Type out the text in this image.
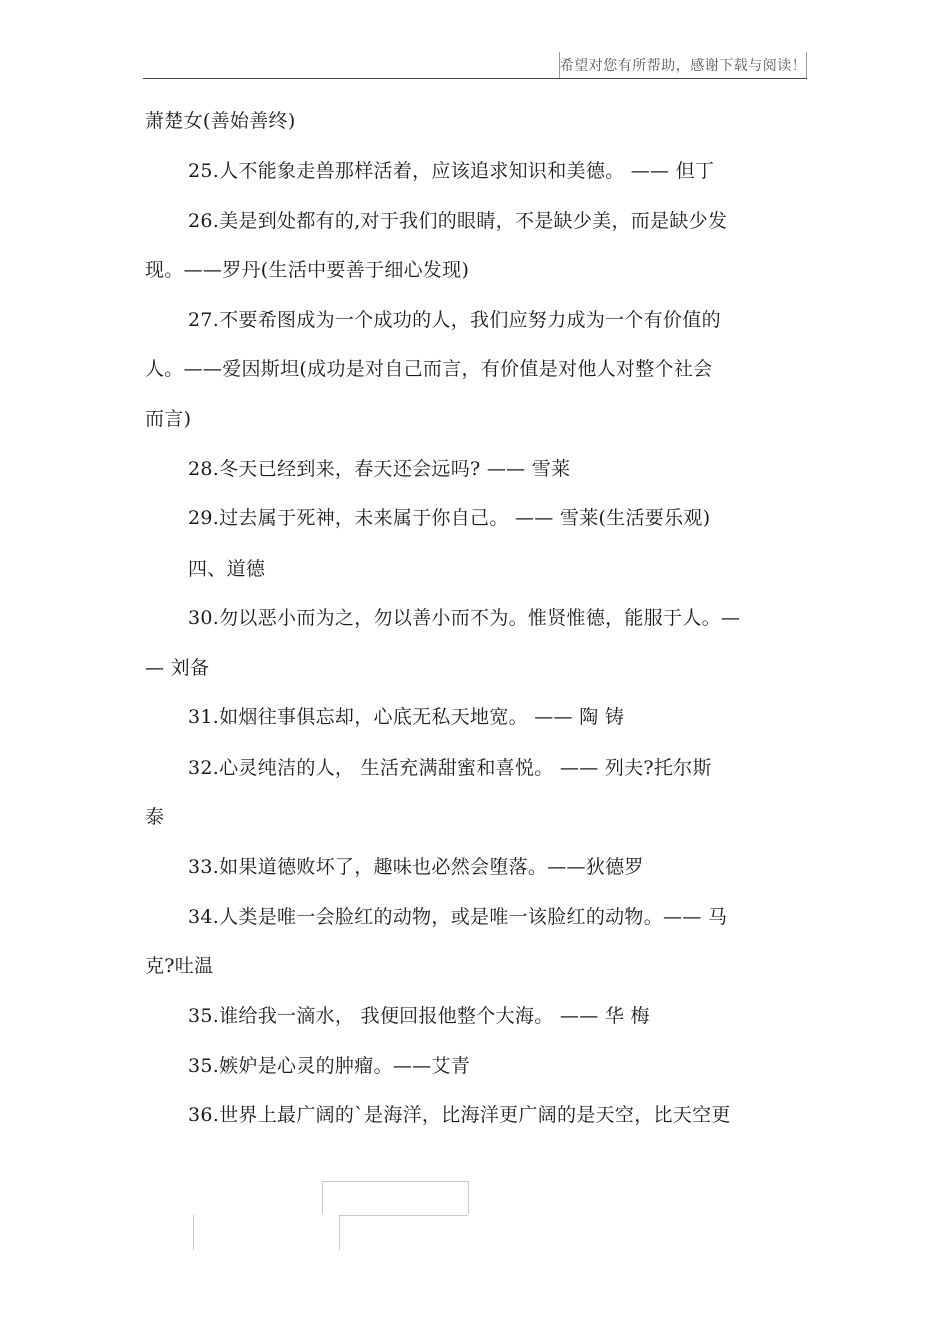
希望对您有所帮助，感谢下载与阅读！
萧楚女(善始善终)
25.人不能象走兽那样活着，应该追求知识和美德。 —— 但丁
26.美是到处都有的,对于我们的眼睛，不是缺少美，而是缺少发
现。——罗丹(生活中要善于细心发现)
27.不要希图成为一个成功的人，我们应努力成为一个有价值的
人。——爱因斯坦(成功是对自己而言，有价值是对他人对整个社会
而言)
28.冬天已经到来，春天还会远吗? —— 雪莱
29.过去属于死神，未来属于你自己。 —— 雪莱(生活要乐观)
四、道德
30.勿以恶小而为之，勿以善小而不为。惟贤惟德，能服于人。—
— 刘备
31.如烟往事俱忘却，心底无私天地宽。 —— 陶 铸
32.心灵纯洁的人， 生活充满甜蜜和喜悦。 —— 列夫?托尔斯
泰
33.如果道德败坏了，趣味也必然会堕落。——狄德罗
34.人类是唯一会脸红的动物，或是唯一该脸红的动物。—— 马
克?吐温
35.谁给我一滴水， 我便回报他整个大海。 —— 华 梅
35.嫉妒是心灵的肿瘤。——艾青
36.世界上最广阔的`是海洋，比海洋更广阔的是天空，比天空更
